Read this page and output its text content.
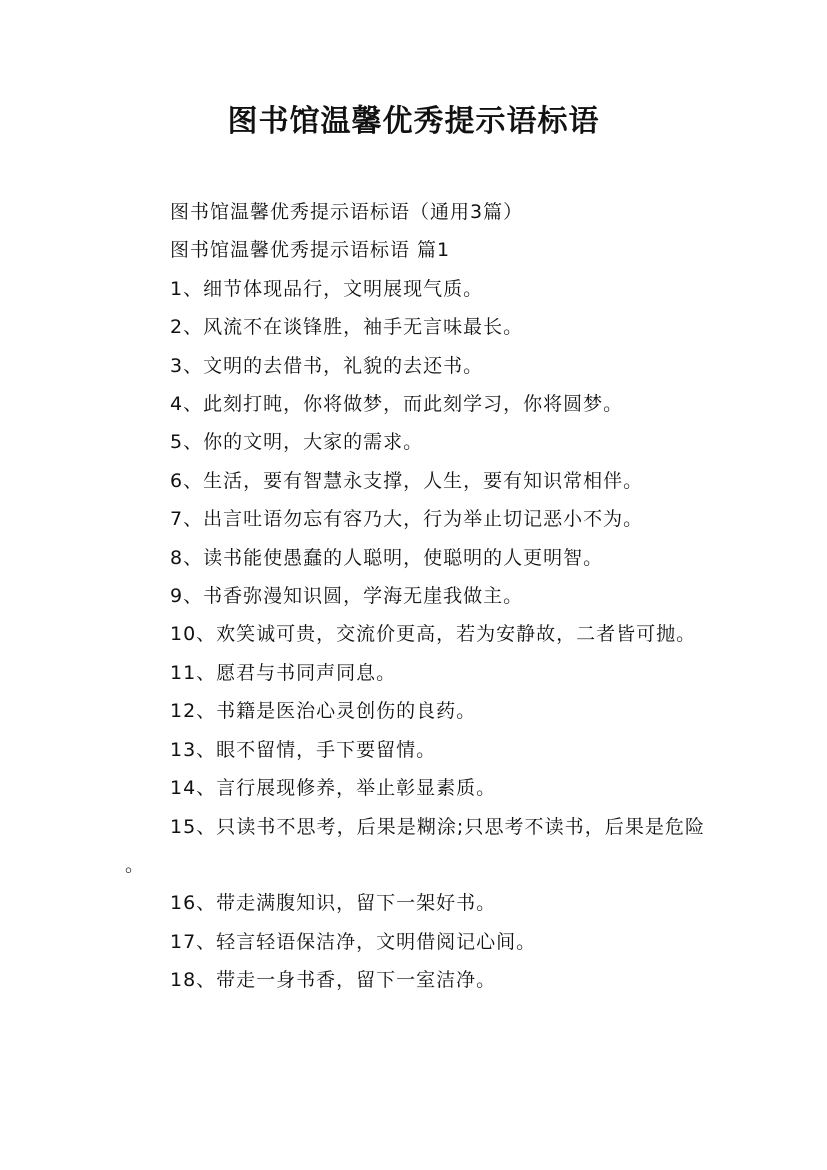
图书馆温馨优秀提示语标语

图书馆温馨优秀提示语标语（通用3篇）

图书馆温馨优秀提示语标语 篇1

1、细节体现品行，文明展现气质。

2、风流不在谈锋胜，袖手无言味最长。

3、文明的去借书，礼貌的去还书。

4、此刻打盹，你将做梦，而此刻学习，你将圆梦。

5、你的文明，大家的需求。

6、生活，要有智慧永支撑，人生，要有知识常相伴。

7、出言吐语勿忘有容乃大，行为举止切记恶小不为。

8、读书能使愚蠢的人聪明，使聪明的人更明智。

9、书香弥漫知识圆，学海无崖我做主。

10、欢笑诚可贵，交流价更高，若为安静故，二者皆可抛。

11、愿君与书同声同息。

12、书籍是医治心灵创伤的良药。

13、眼不留情，手下要留情。

14、言行展现修养，举止彰显素质。

15、只读书不思考，后果是糊涂;只思考不读书，后果是危险。

16、带走满腹知识，留下一架好书。

17、轻言轻语保洁净，文明借阅记心间。

18、带走一身书香，留下一室洁净。
